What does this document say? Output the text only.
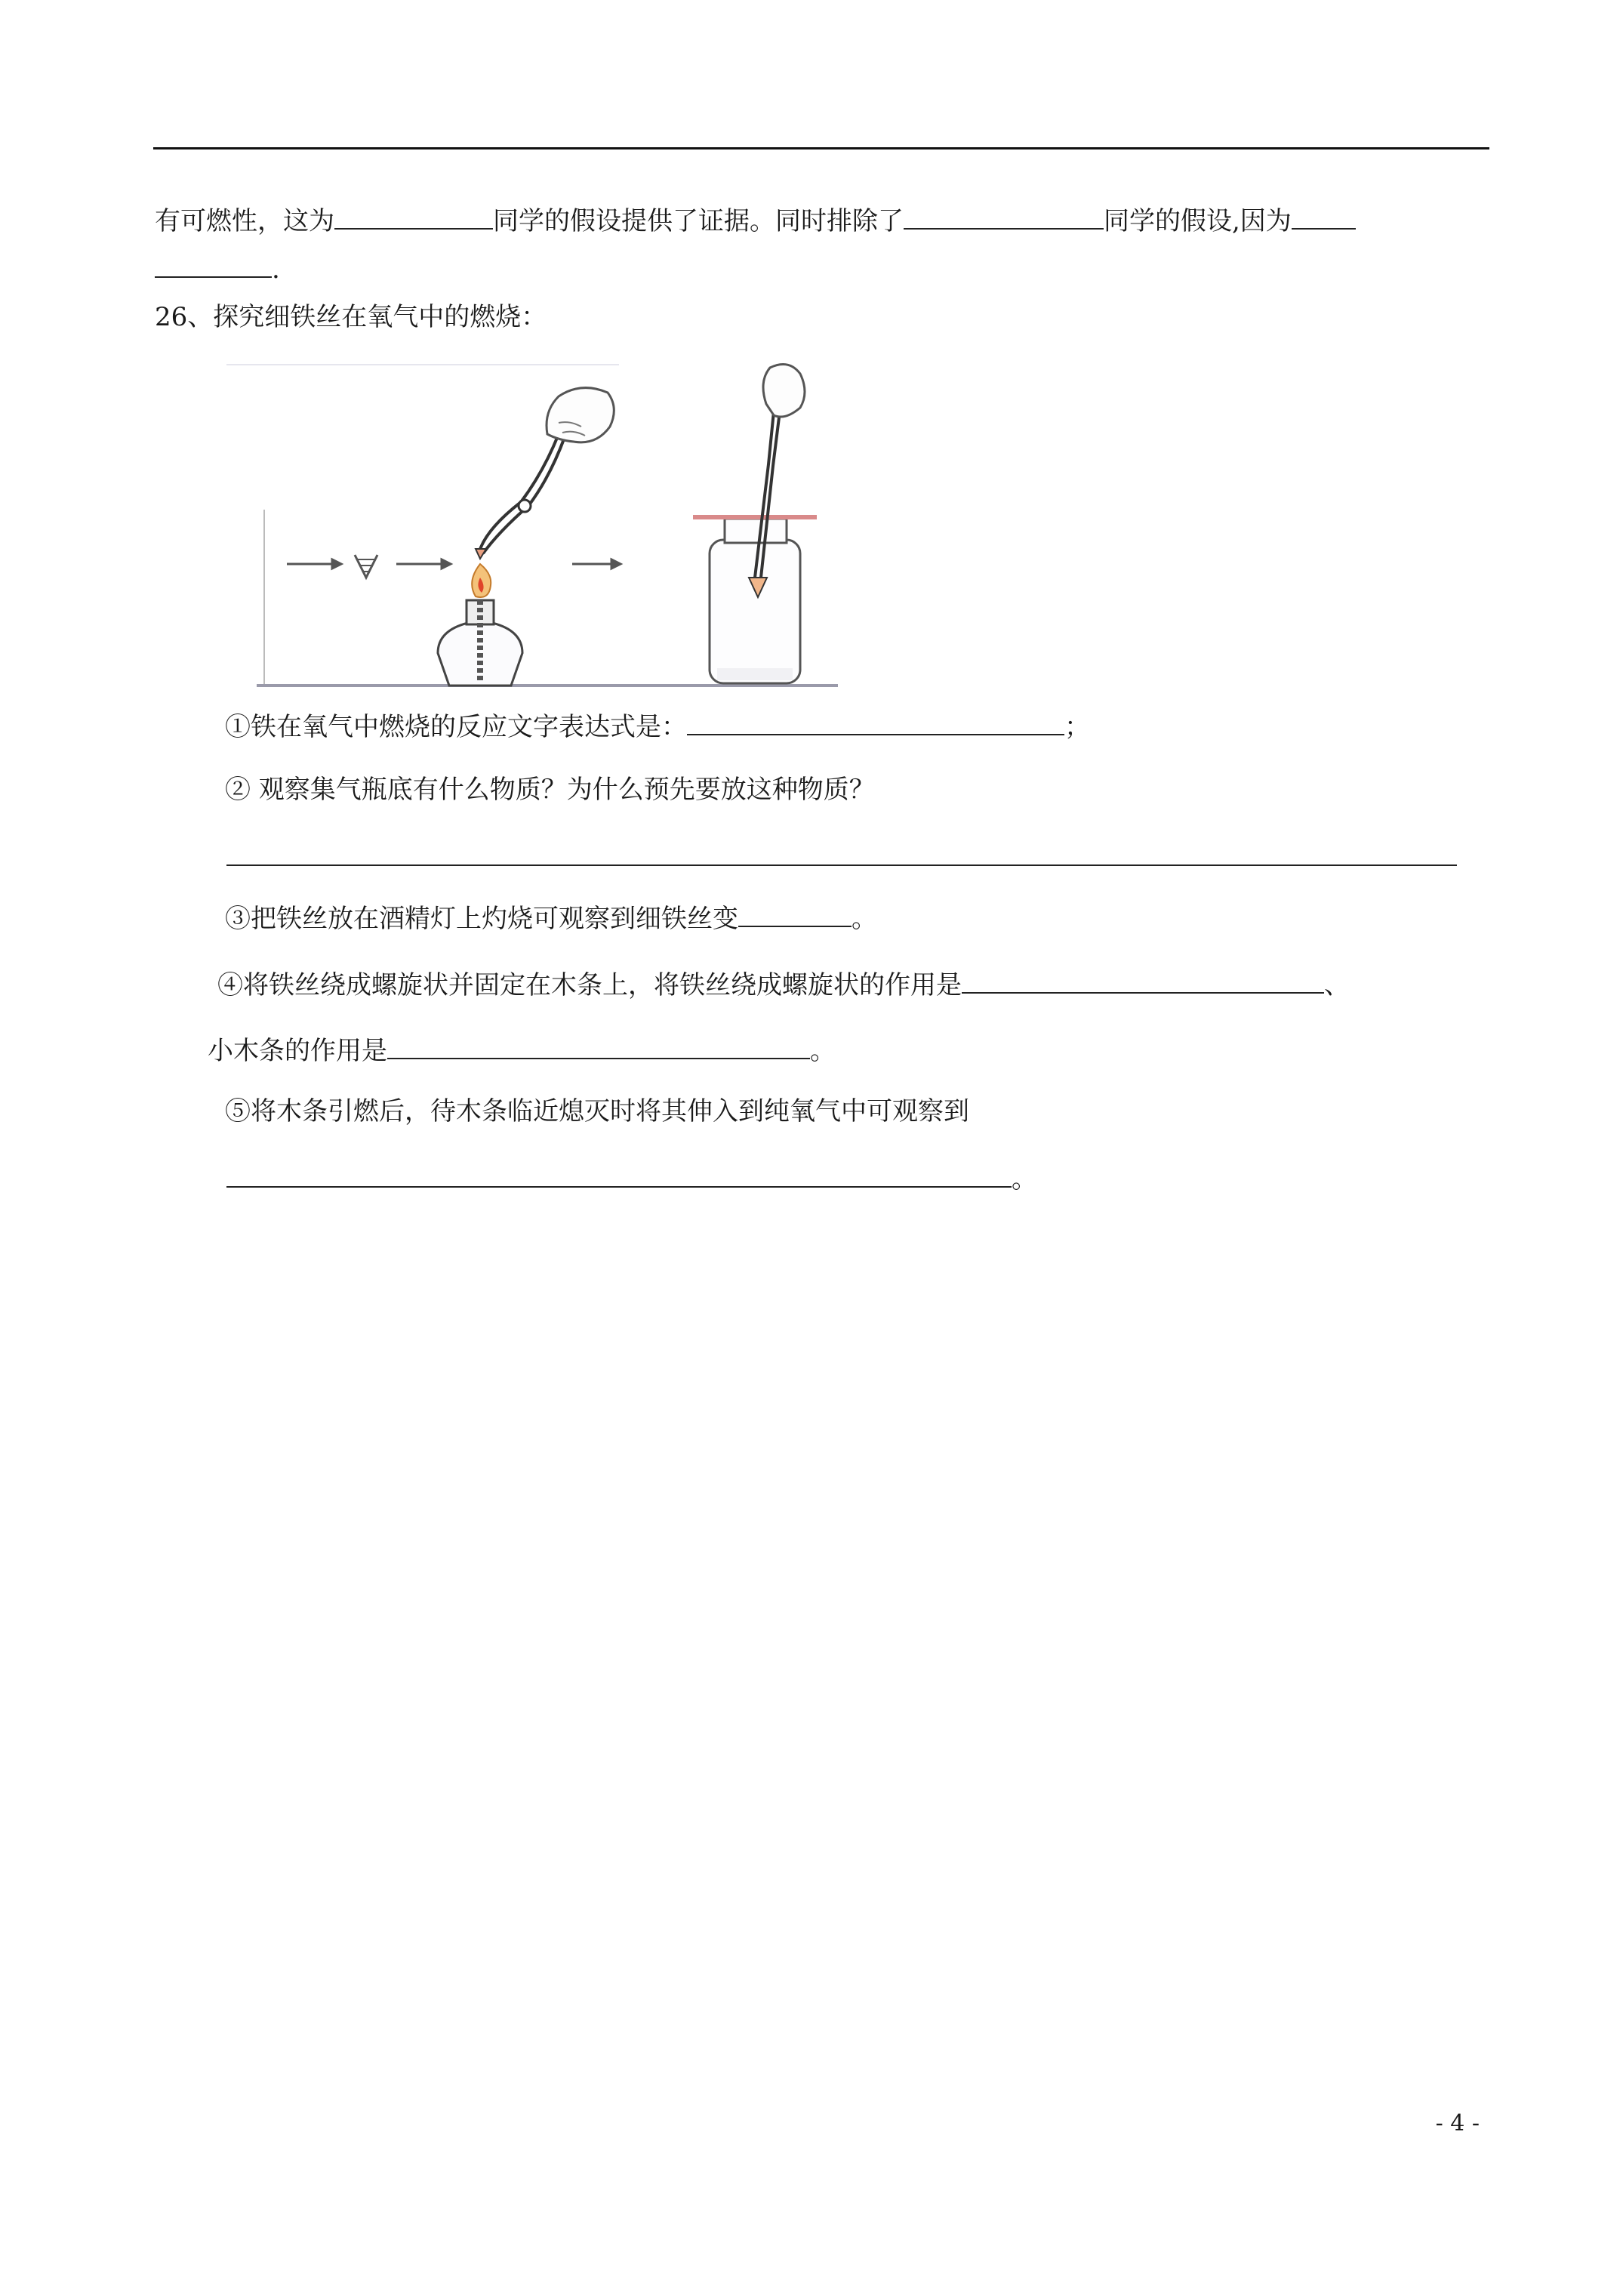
有可燃性，这为	同学的假设提供了证据。同时排除了	同学的假设,因为
.
26、探究细铁丝在氧气中的燃烧：
①铁在氧气中燃烧的反应文字表达式是：	；
② 观察集气瓶底有什么物质？为什么预先要放这种物质？
③把铁丝放在酒精灯上灼烧可观察到细铁丝变	。
④将铁丝绕成螺旋状并固定在木条上，将铁丝绕成螺旋状的作用是	、
小木条的作用是	。
⑤将木条引燃后，待木条临近熄灭时将其伸入到纯氧气中可观察到
。
- 4 -
